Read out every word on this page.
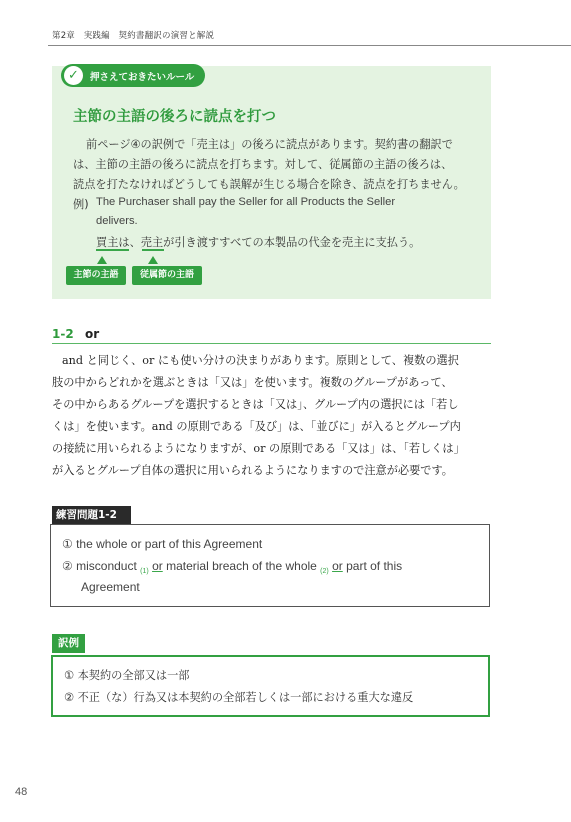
第2章　実践編　契約書翻訳の演習と解説
✓	押さえておきたいルール
主節の主語の後ろに読点を打つ
前ページ④の訳例で「売主は」の後ろに読点があります。契約書の翻訳で
は、主節の主語の後ろに読点を打ちます。対して、従属節の主語の後ろは、
読点を打たなければどうしても誤解が生じる場合を除き、読点を打ちません。
例) The Purchaser shall pay the Seller for all Products the Seller
delivers.
買主は、売主が引き渡すすべての本製品の代金を売主に支払う。
主節の主語	従属節の主語
1-2 or
and と同じく、or にも使い分けの決まりがあります。原則として、複数の選択
肢の中からどれかを選ぶときは「又は」を使います。複数のグループがあって、
その中からあるグループを選択するときは「又は」、グループ内の選択には「若し
くは」を使います。and の原則である「及び」は、「並びに」が入るとグループ内
の接続に用いられるようになりますが、or の原則である「又は」は、「若しくは」
が入るとグループ自体の選択に用いられるようになりますので注意が必要です。
練習問題1-2
① the whole or part of this Agreement
② misconduct $_{(1)}$ or material breach of the whole $_{(2)}$ or part of this
Agreement
訳例
① 本契約の全部又は一部
② 不正（な）行為又は本契約の全部若しくは一部における重大な違反
48
